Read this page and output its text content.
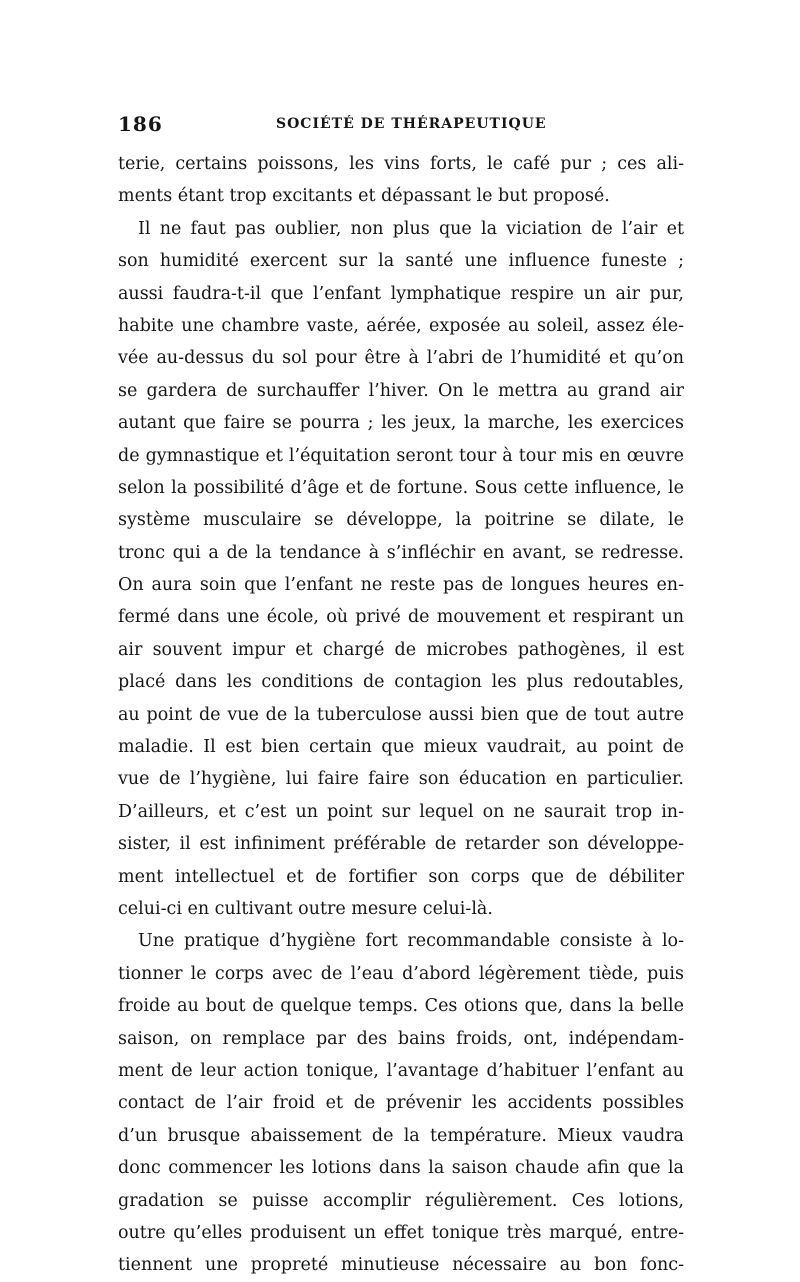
186	SOCIÉTÉ DE THÉRAPEUTIQUE
terie, certains poissons, les vins forts, le café pur ; ces ali-
ments étant trop excitants et dépassant le but proposé.
Il ne faut pas oublier, non plus que la viciation de l’air et
son humidité exercent sur la santé une influence funeste ;
aussi faudra-t-il que l’enfant lymphatique respire un air pur,
habite une chambre vaste, aérée, exposée au soleil, assez éle-
vée au-dessus du sol pour être à l’abri de l’humidité et qu’on
se gardera de surchauffer l’hiver. On le mettra au grand air
autant que faire se pourra ; les jeux, la marche, les exercices
de gymnastique et l’équitation seront tour à tour mis en œuvre
selon la possibilité d’âge et de fortune. Sous cette influence, le
système musculaire se développe, la poitrine se dilate, le
tronc qui a de la tendance à s’infléchir en avant, se redresse.
On aura soin que l’enfant ne reste pas de longues heures en-
fermé dans une école, où privé de mouvement et respirant un
air souvent impur et chargé de microbes pathogènes, il est
placé dans les conditions de contagion les plus redoutables,
au point de vue de la tuberculose aussi bien que de tout autre
maladie. Il est bien certain que mieux vaudrait, au point de
vue de l’hygiène, lui faire faire son éducation en particulier.
D’ailleurs, et c’est un point sur lequel on ne saurait trop in-
sister, il est infiniment préférable de retarder son développe-
ment intellectuel et de fortifier son corps que de débiliter
celui-ci en cultivant outre mesure celui-là.
Une pratique d’hygiène fort recommandable consiste à lo-
tionner le corps avec de l’eau d’abord légèrement tiède, puis
froide au bout de quelque temps. Ces otions que, dans la belle
saison, on remplace par des bains froids, ont, indépendam-
ment de leur action tonique, l’avantage d’habituer l’enfant au
contact de l’air froid et de prévenir les accidents possibles
d’un brusque abaissement de la température. Mieux vaudra
donc commencer les lotions dans la saison chaude afin que la
gradation se puisse accomplir régulièrement. Ces lotions,
outre qu’elles produisent un effet tonique très marqué, entre-
tiennent une propreté minutieuse nécessaire au bon fonc-
